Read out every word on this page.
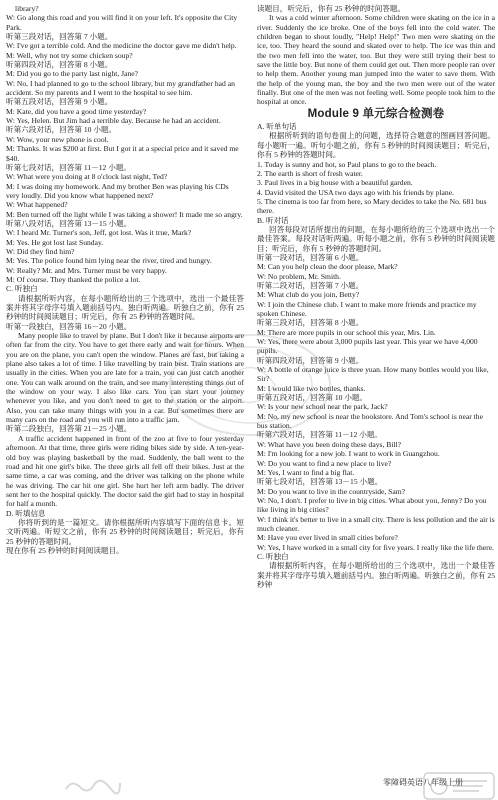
library?

W: Go along this road and you will find it on your left. It's opposite the City Park.

听第三段对话，回答第 7 小题。

W: I've got a terrible cold. And the medicine the doctor gave me didn't help.

M: Well, why not try some chicken soup?

听第四段对话，回答第 8 小题。

M: Did you go to the party last night, Jane?

W: No, I had planned to go to the school library, but my grandfather had an accident. So my parents and I went to the hospital to see him.

听第五段对话，回答第 9 小题。

M: Kate, did you have a good time yesterday?

W: Yes, Helen. But Jim had a terrible day. Because he had an accident.

听第六段对话，回答第 10 小题。

W: Wow, your new phone is cool.

M: Thanks. It was $200 at first. But I got it at a special price and it saved me $40.

听第七段对话，回答第 11－12 小题。

W: What were you doing at 8 o'clock last night, Ted?

M: I was doing my homework. And my brother Ben was playing his CDs very loudly. Did you know what happened next?

W: What happened?

M: Ben turned off the light while I was taking a shower! It made me so angry.

听第八段对话，回答第 13－15 小题。

W: I heard Mr. Turner's son, Jeff, got lost. Was it true, Mark?

M: Yes. He got lost last Sunday.

W: Did they find him?

M: Yes. The police found him lying near the river, tired and hungry.

W: Really? Mr. and Mrs. Turner must be very happy.

M: Of course. They thanked the police a lot.

C. 听独白

请根据所听内容，在每小题所给出的三个选项中，选出一个最佳答案并将其字母序号填入题前括号内。独白听两遍。听独白之前，你有 25 秒钟的时间阅读题目；听完后，你有 25 秒钟的答题时间。

听第一段独白，回答第 16－20 小题。

Many people like to travel by plane. But I don't like it because airports are often far from the city. You have to get there early and wait for hours. When you are on the plane, you can't open the window. Planes are fast, but taking a plane also takes a lot of time. I like travelling by train best. Train stations are usually in the cities. When you are late for a train, you can just catch another one. You can walk around on the train, and see many interesting things out of the window on your way. I also like cars. You can start your journey whenever you like, and you don't need to get to the station or the airport. Also, you can take many things with you in a car. But sometimes there are many cars on the road and you will run into a traffic jam.

听第二段独白，回答第 21－25 小题。

A traffic accident happened in front of the zoo at five to four yesterday afternoon. At that time, three girls were riding bikes side by side. A ten-year-old boy was playing basketball by the road. Suddenly, the ball went to the road and hit one girl's bike. The three girls all fell off their bikes. Just at the same time, a car was coming, and the driver was talking on the phone while he was driving. The car hit one girl. She hurt her left arm badly. The driver sent her to the hospital quickly. The doctor said the girl had to stay in hospital for half a month.

D. 听填信息

你将听到的是一篇短文。请你根据所听内容填写下面的信息卡。短文听两遍。听短文之前，你有 25 秒钟的时间阅读题目；听完后，你有 25 秒钟的答题时间。

现在你有 25 秒钟的时间阅读题目。

读题目，听完后，你有 25 秒钟的时间答题。

It was a cold winter afternoon. Some children were skating on the ice in a river. Suddenly the ice broke. One of the boys fell into the cold water. The children began to shout loudly, "Help! Help!" Two men were skating on the ice, too. They heard the sound and skated over to help. The ice was thin and the two men fell into the water, too. But they were still trying their best to save the little boy. But none of them could get out. Then more people ran over to help them. Another young man jumped into the water to save them. With the help of the young man, the boy and the two men were out of the water finally. But one of the men was not feeling well. Some people took him to the hospital at once.

Module 9 单元综合检测卷

A. 听单句话

根据所听到的语句卷面上的问题，选择符合题意的图画回答问题。每小题听一遍。听句小题之前，你有 5 秒钟的时间阅读题目；听完后，你有 5 秒钟的答题时间。

1. Today is sunny and hot, so Paul plans to go to the beach.

2. The earth is short of fresh water.

3. Paul lives in a big house with a beautiful garden.

4. David visited the USA two days ago with his friends by plane.

5. The cinema is too far from here, so Mary decides to take the No. 681 bus there.

B. 听对话

回答每段对话所提出的问题，在每小题所给的三个选项中选出一个最佳答案。每段对话听两遍。听每小题之前，你有 5 秒钟的时间阅读题目；听完后，你有 5 秒钟的答题时间。

听第一段对话，回答第 6 小题。

M: Can you help clean the door please, Mark?

W: No problem, Mr. Smith.

听第二段对话，回答第 7 小题。

M: What club do you join, Betty?

W: I join the Chinese club. I want to make more friends and practice my spoken Chinese.

听第三段对话，回答第 8 小题。

M: There are more pupils in our school this year, Mrs. Lin.

W: Yes, there were about 3,000 pupils last year. This year we have 4,000 pupils.

听第四段对话，回答第 9 小题。

W: A bottle of orange juice is three yuan. How many bottles would you like, Sir?

M: I would like two bottles, thanks.

听第五段对话，回答第 10 小题。

W: Is your new school near the park, Jack?

M: No, my new school is near the bookstore. And Tom's school is near the bus station.

听第六段对话，回答第 11－12 小题。

W: What have you been doing these days, Bill?

M: I'm looking for a new job. I want to work in Guangzhou.

W: Do you want to find a new place to live?

M: Yes, I want to find a big flat.

听第七段对话，回答第 13－15 小题。

M: Do you want to live in the countryside, Sam?

W: No, I don't. I prefer to live in big cities. What about you, Jenny? Do you like living in big cities?

W: I think it's better to live in a small city. There is less pollution and the air is much cleaner.

M: Have you ever lived in small cities before?

W: Yes, I have worked in a small city for five years. I really like the life there.

C. 听独白

请根据所听内容，在每小题所给出的三个选项中，选出一个最佳答案并将其字母序号填入题前括号内。独白听两遍。听独白之前，你有 25 秒钟

零障碍英语八年级上册
